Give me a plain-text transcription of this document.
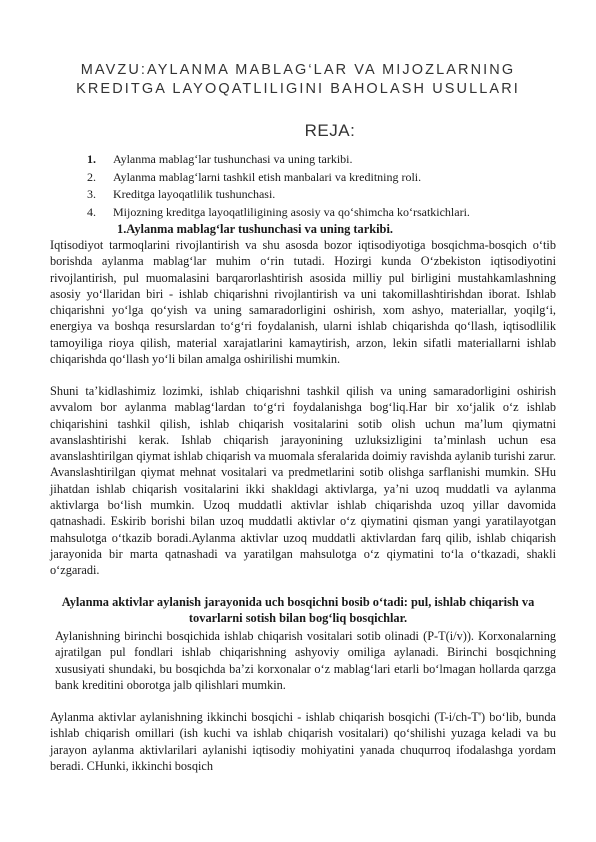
MAVZU:AYLANMA MABLAG‘LAR VA MIJOZLARNING KREDITGA LAYOQATLILIGINI BAHOLASH USULLARI
REJA:
1.	Aylanma mablag‘lar tushunchasi va uning tarkibi.
2.	Aylanma mablag‘larni tashkil etish manbalari va kreditning roli.
3.	Kreditga layoqatlilik tushunchasi.
4.	Mijozning kreditga layoqatliligining asosiy va qo‘shimcha ko‘rsatkichlari.
1.Aylanma mablag‘lar tushunchasi va uning tarkibi.
Iqtisodiyot tarmoqlarini rivojlantirish va shu asosda bozor iqtisodiyotiga bosqichma-bosqich o‘tib borishda aylanma mablag‘lar muhim o‘rin tutadi. Hozirgi kunda O‘zbekiston iqtisodiyotini rivojlantirish, pul muomalasini barqarorlashtirish asosida milliy pul birligini mustahkamlashning asosiy yo‘llaridan biri - ishlab chiqarishni rivojlantirish va uni takomillashtirishdan iborat. Ishlab chiqarishni yo‘lga qo‘yish va uning samaradorligini oshirish, xom ashyo, materiallar, yoqilg‘i, energiya va boshqa resurslardan to‘g‘ri foydalanish, ularni ishlab chiqarishda qo‘llash, iqtisodlilik tamoyiliga rioya qilish, material xarajatlarini kamaytirish, arzon, lekin sifatli materiallarni ishlab chiqarishda qo‘llash yo‘li bilan amalga oshirilishi mumkin.
Shuni ta’kidlashimiz lozimki, ishlab chiqarishni tashkil qilish va uning samaradorligini oshirish avvalom bor aylanma mablag‘lardan to‘g‘ri foydalanishga bog‘liq.Har bir xo‘jalik o‘z ishlab chiqarishini tashkil qilish, ishlab chiqarish vositalarini sotib olish uchun ma’lum qiymatni avanslashtirishi kerak. Ishlab chiqarish jarayonining uzluksizligini ta’minlash uchun esa avanslashtirilgan qiymat ishlab chiqarish va muomala sferalarida doimiy ravishda aylanib turishi zarur. Avanslashtirilgan qiymat mehnat vositalari va predmetlarini sotib olishga sarflanishi mumkin. SHu jihatdan ishlab chiqarish vositalarini ikki shakldagi aktivlarga, ya’ni uzoq muddatli va aylanma aktivlarga bo‘lish mumkin. Uzoq muddatli aktivlar ishlab chiqarishda uzoq yillar davomida qatnashadi. Eskirib borishi bilan uzoq muddatli aktivlar o‘z qiymatini qisman yangi yaratilayotgan mahsulotga o‘tkazib boradi.Aylanma aktivlar uzoq muddatli aktivlardan farq qilib, ishlab chiqarish jarayonida bir marta qatnashadi va yaratilgan mahsulotga o‘z qiymatini to‘la o‘tkazadi, shakli o‘zgaradi.
Aylanma aktivlar aylanish jarayonida uch bosqichni bosib o‘tadi: pul, ishlab chiqarish va tovarlarni sotish bilan bog‘liq bosqichlar.
Aylanishning birinchi bosqichida ishlab chiqarish vositalari sotib olinadi (P-T(i/v)). Korxonalarning ajratilgan pul fondlari ishlab chiqarishning ashyoviy omiliga aylanadi. Birinchi bosqichning xususiyati shundaki, bu bosqichda ba’zi korxonalar o‘z mablag‘lari etarli bo‘lmagan hollarda qarzga bank kreditini oborotga jalb qilishlari mumkin.
Aylanma aktivlar aylanishning ikkinchi bosqichi - ishlab chiqarish bosqichi (T-i/ch-T') bo‘lib, bunda ishlab chiqarish omillari (ish kuchi va ishlab chiqarish vositalari) qo‘shilishi yuzaga keladi va bu jarayon aylanma aktivlarilari aylanishi iqtisodiy mohiyatini yanada chuqurroq ifodalashga yordam beradi. CHunki, ikkinchi bosqich
